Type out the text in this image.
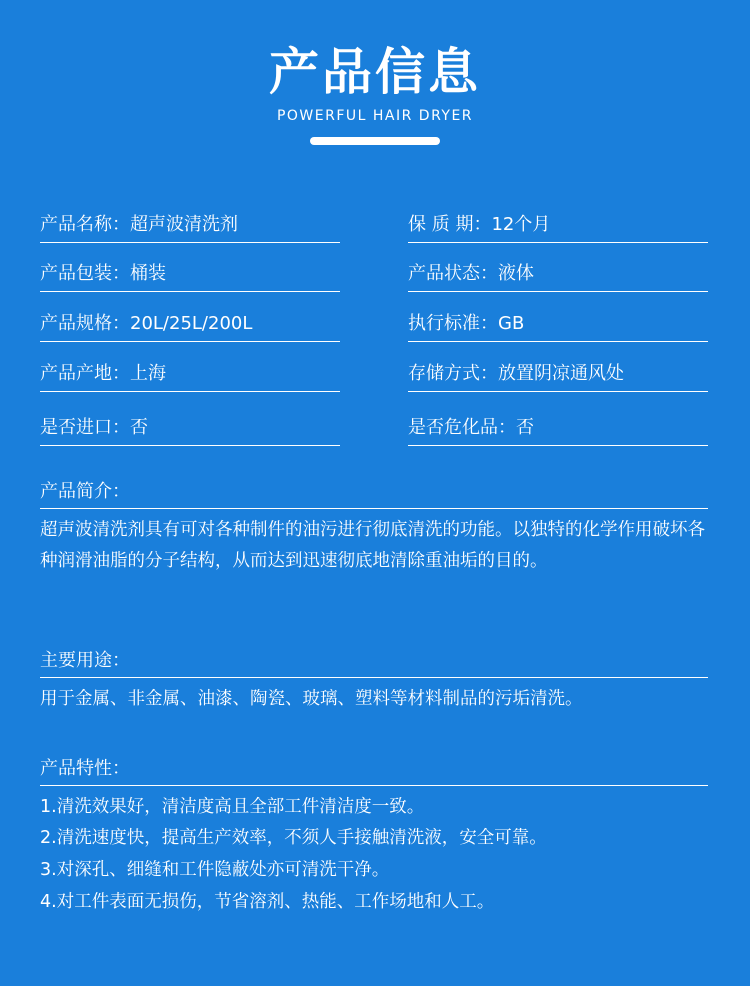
产品信息
POWERFUL HAIR DRYER
产品名称：超声波清洗剂	保 质 期：12个月
产品包装：桶装	产品状态：液体
产品规格：20L/25L/200L	执行标准：GB
产品产地：上海	存储方式：放置阴凉通风处
是否进口：否	是否危化品：否
产品简介：

超声波清洗剂具有可对各种制件的油污进行彻底清洗的功能。以独特的化学作用破坏各种润滑油脂的分子结构，从而达到迅速彻底地清除重油垢的目的。

主要用途：

用于金属、非金属、油漆、陶瓷、玻璃、塑料等材料制品的污垢清洗。

产品特性：
1.清洗效果好，清洁度高且全部工件清洁度一致。
2.清洗速度快，提高生产效率，不须人手接触清洗液，安全可靠。
3.对深孔、细缝和工件隐蔽处亦可清洗干净。
4.对工件表面无损伤，节省溶剂、热能、工作场地和人工。
